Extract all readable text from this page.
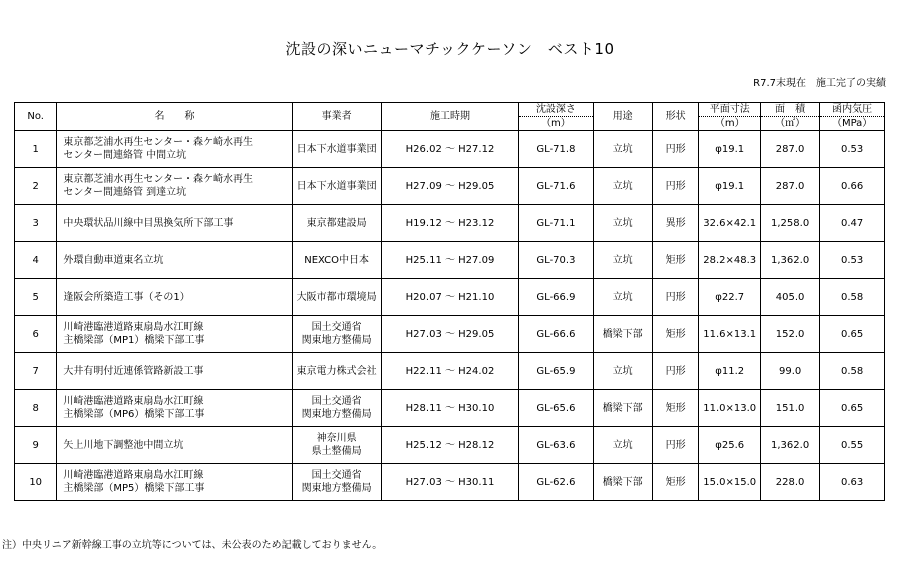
沈設の深いニューマチックケーソン　ベスト10
R7.7末現在　施工完了の実績
No.	名　　称	事業者	施工時期	沈設深さ	用途	形状	平面寸法	面　積	函内気圧
				（m）			（m）	（㎡）	（MPa）
1	東京都芝浦水再生センター・森ケ崎水再生
センター間連絡管 中間立坑	日本下水道事業団	H26.02 ～ H27.12	GL-71.8	立坑	円形	φ19.1	287.0	0.53
2	東京都芝浦水再生センター・森ケ崎水再生
センター間連絡管 到達立坑	日本下水道事業団	H27.09 ～ H29.05	GL-71.6	立坑	円形	φ19.1	287.0	0.66
3	中央環状品川線中目黒換気所下部工事	東京都建設局	H19.12 ～ H23.12	GL-71.1	立坑	異形	32.6×42.1	1,258.0	0.47
4	外環自動車道東名立坑	NEXCO中日本	H25.11 ～ H27.09	GL-70.3	立坑	矩形	28.2×48.3	1,362.0	0.53
5	逢阪会所築造工事（その1）	大阪市都市環境局	H20.07 ～ H21.10	GL-66.9	立坑	円形	φ22.7	405.0	0.58
6	川崎港臨港道路東扇島水江町線
主橋梁部（MP1）橋梁下部工事	国土交通省
関東地方整備局	H27.03 ～ H29.05	GL-66.6	橋梁下部	矩形	11.6×13.1	152.0	0.65
7	大井有明付近連係管路新設工事	東京電力株式会社	H22.11 ～ H24.02	GL-65.9	立坑	円形	φ11.2	99.0	0.58
8	川崎港臨港道路東扇島水江町線
主橋梁部（MP6）橋梁下部工事	国土交通省
関東地方整備局	H28.11 ～ H30.10	GL-65.6	橋梁下部	矩形	11.0×13.0	151.0	0.65
9	矢上川地下調整池中間立坑	神奈川県
県土整備局	H25.12 ～ H28.12	GL-63.6	立坑	円形	φ25.6	1,362.0	0.55
10	川崎港臨港道路東扇島水江町線
主橋梁部（MP5）橋梁下部工事	国土交通省
関東地方整備局	H27.03 ～ H30.11	GL-62.6	橋梁下部	矩形	15.0×15.0	228.0	0.63
注）中央リニア新幹線工事の立坑等については、未公表のため記載しておりません。
